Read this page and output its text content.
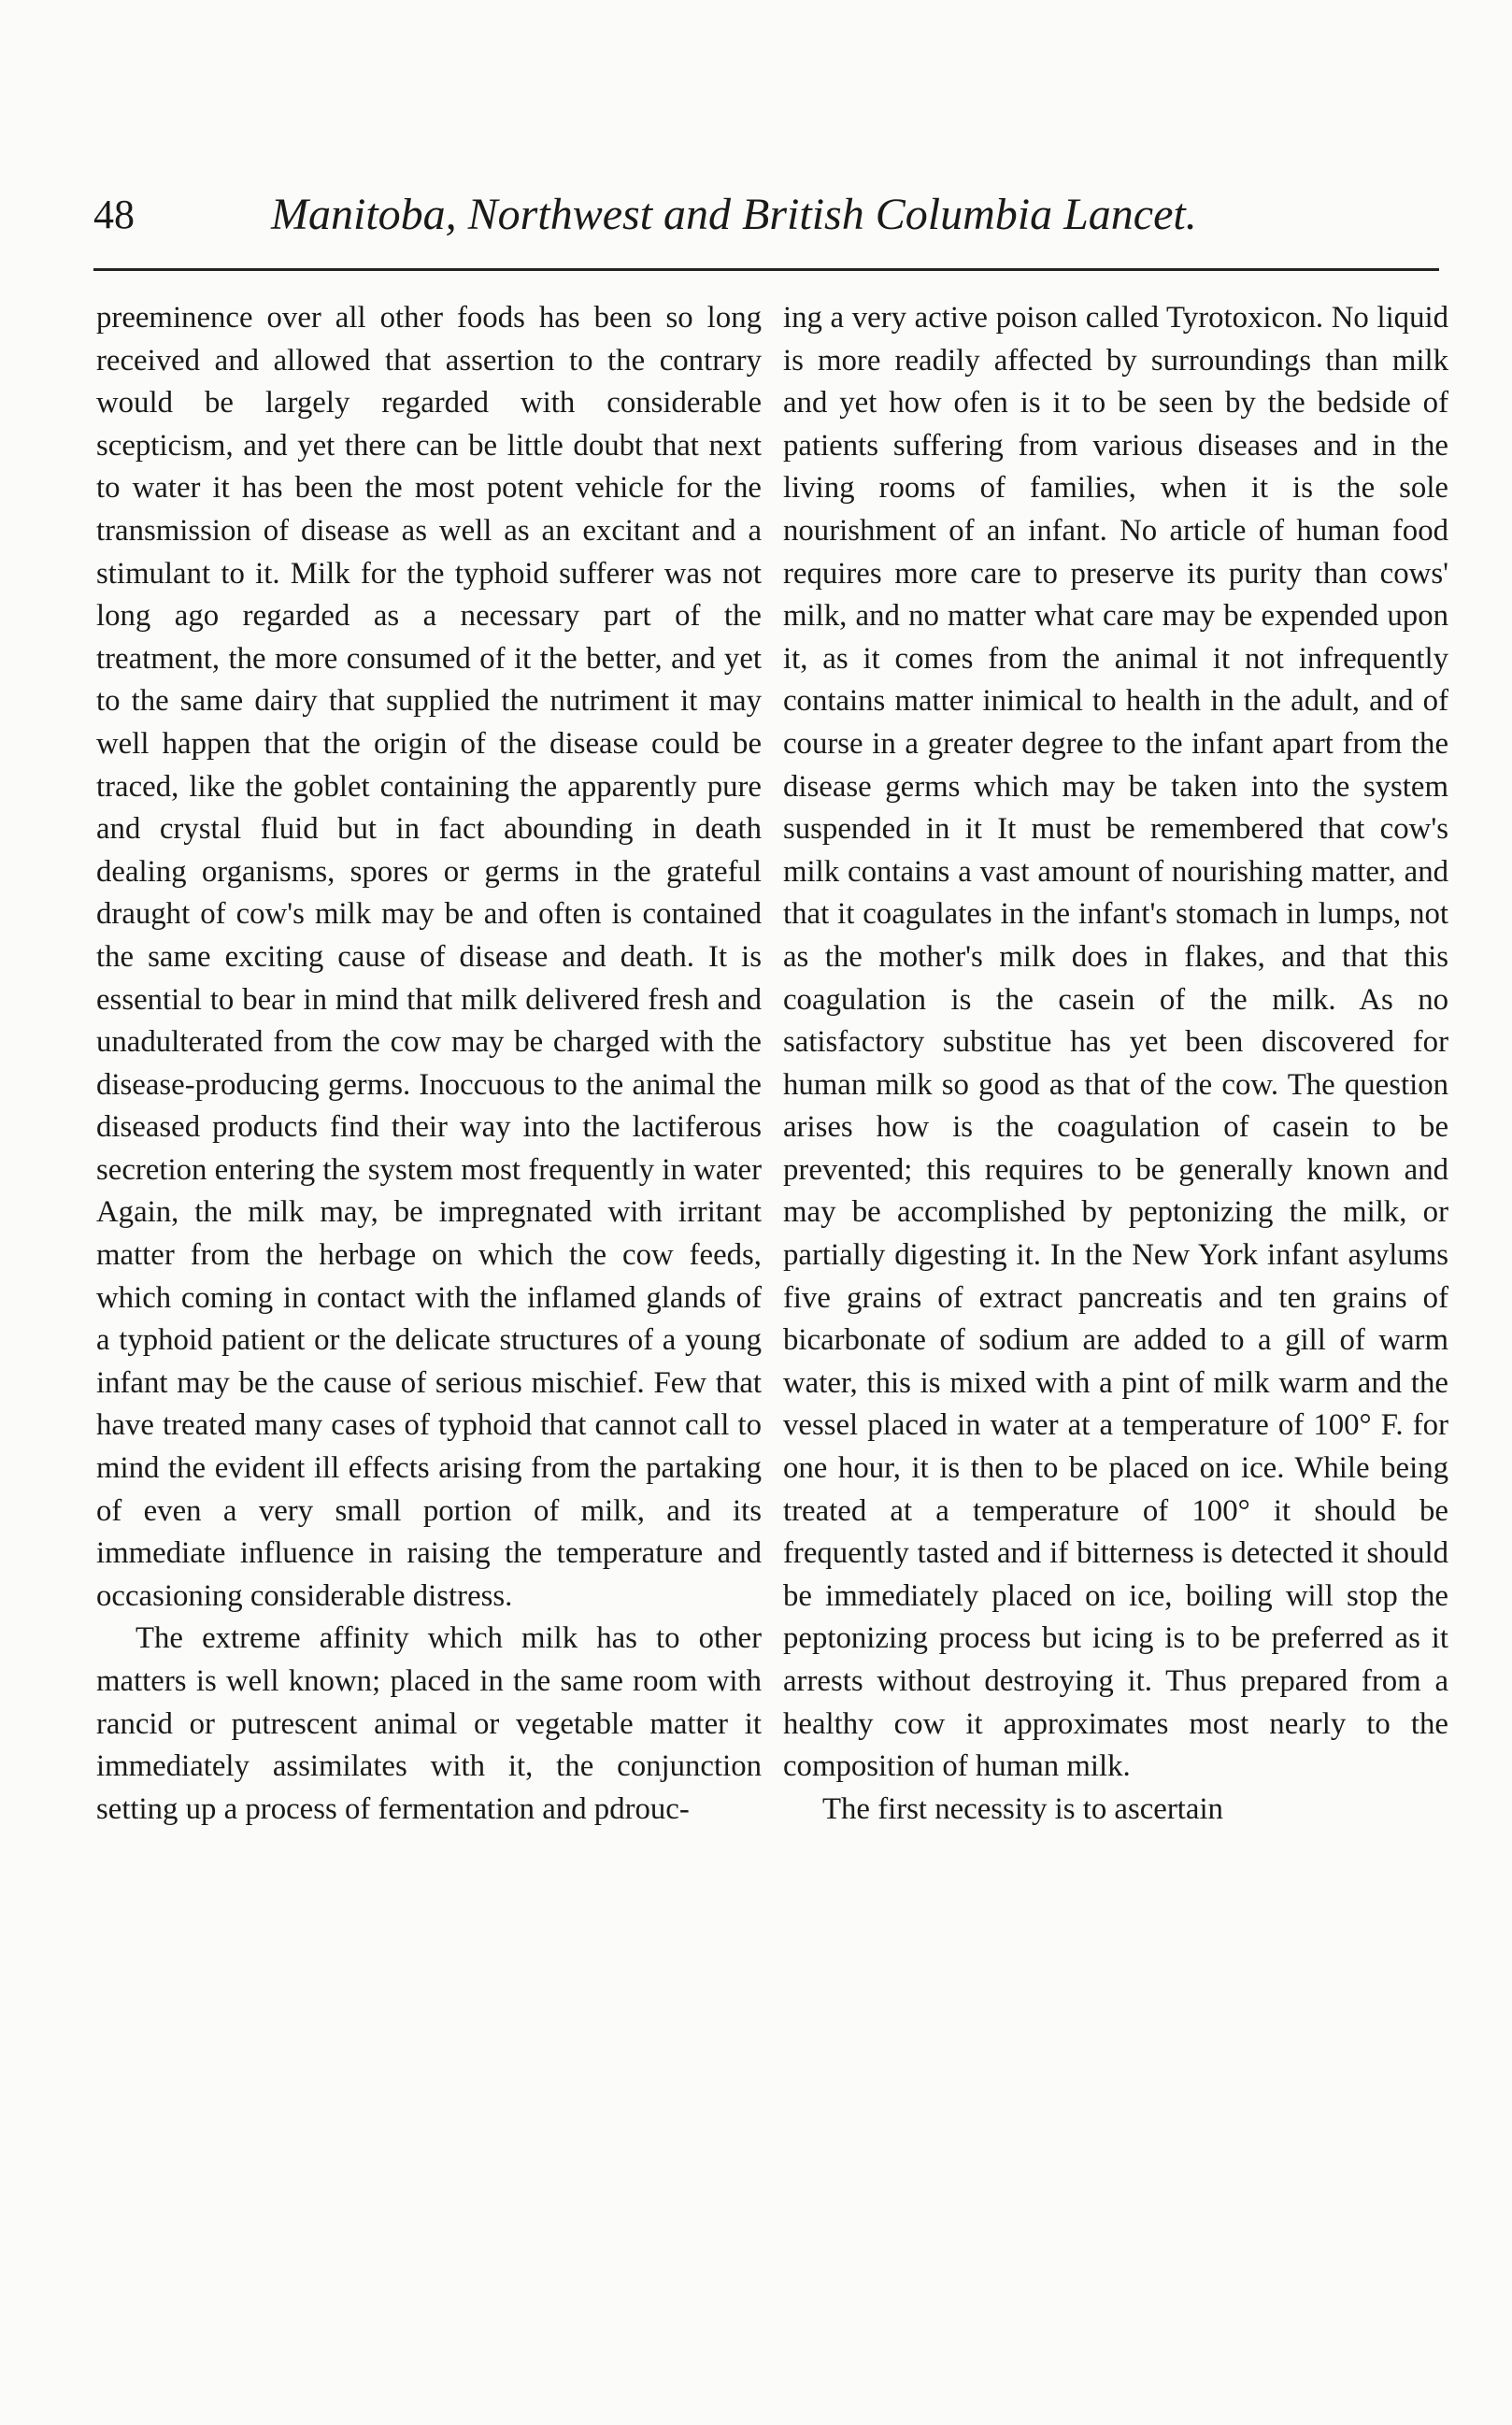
48	Manitoba, Northwest and British Columbia Lancet.

preeminence over all other foods has been so long received and allowed that assertion to the contrary would be largely regarded with considerable scepticism, and yet there can be little doubt that next to water it has been the most potent vehicle for the transmission of disease as well as an excitant and a stimulant to it. Milk for the typhoid sufferer was not long ago regarded as a necessary part of the treatment, the more consumed of it the better, and yet to the same dairy that supplied the nutriment it may well happen that the origin of the disease could be traced, like the goblet containing the apparently pure and crystal fluid but in fact abounding in death dealing organisms, spores or germs in the grateful draught of cow's milk may be and often is contained the same exciting cause of disease and death. It is essential to bear in mind that milk delivered fresh and unadulterated from the cow may be charged with the disease-producing germs. Inoccuous to the animal the diseased products find their way into the lactiferous secretion entering the system most frequently in water Again, the milk may, be impregnated with irritant matter from the herbage on which the cow feeds, which coming in contact with the inflamed glands of a typhoid patient or the delicate structures of a young infant may be the cause of serious mischief. Few that have treated many cases of typhoid that cannot call to mind the evident ill effects arising from the partaking of even a very small portion of milk, and its immediate influence in raising the temperature and occasioning considerable distress.

The extreme affinity which milk has to other matters is well known; placed in the same room with rancid or putrescent animal or vegetable matter it immediately assimilates with it, the conjunction setting up a process of fermentation and pdrouc-

ing a very active poison called Tyrotoxicon. No liquid is more readily affected by surroundings than milk and yet how ofen is it to be seen by the bedside of patients suffering from various diseases and in the living rooms of families, when it is the sole nourishment of an infant. No article of human food requires more care to preserve its purity than cows' milk, and no matter what care may be expended upon it, as it comes from the animal it not infrequently contains matter inimical to health in the adult, and of course in a greater degree to the infant apart from the disease germs which may be taken into the system suspended in it It must be remembered that cow's milk contains a vast amount of nourishing matter, and that it coagulates in the infant's stomach in lumps, not as the mother's milk does in flakes, and that this coagulation is the casein of the milk. As no satisfactory substitue has yet been discovered for human milk so good as that of the cow. The question arises how is the coagulation of casein to be prevented; this requires to be generally known and may be accomplished by peptonizing the milk, or partially digesting it. In the New York infant asylums five grains of extract pancreatis and ten grains of bicarbonate of sodium are added to a gill of warm water, this is mixed with a pint of milk warm and the vessel placed in water at a temperature of 100° F. for one hour, it is then to be placed on ice. While being treated at a temperature of 100° it should be frequently tasted and if bitterness is detected it should be immediately placed on ice, boiling will stop the peptonizing process but icing is to be preferred as it arrests without destroying it. Thus prepared from a healthy cow it approximates most nearly to the composition of human milk.

The first necessity is to ascertain
